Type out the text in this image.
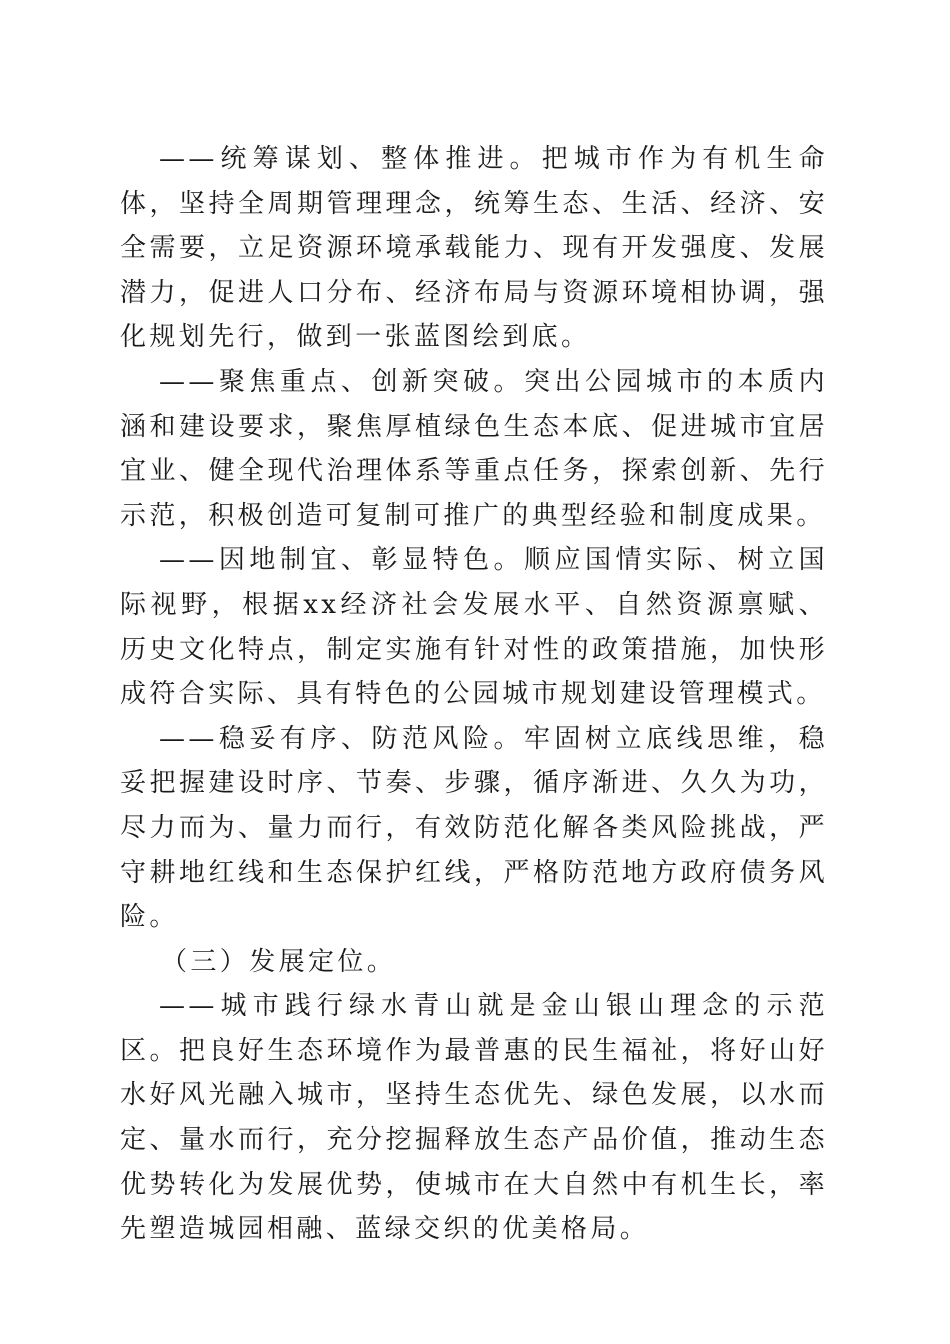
——统筹谋划、整体推进。把城市作为有机生命体，坚持全周期管理理念，统筹生态、生活、经济、安全需要，立足资源环境承载能力、现有开发强度、发展潜力，促进人口分布、经济布局与资源环境相协调，强化规划先行，做到一张蓝图绘到底。

——聚焦重点、创新突破。突出公园城市的本质内涵和建设要求，聚焦厚植绿色生态本底、促进城市宜居宜业、健全现代治理体系等重点任务，探索创新、先行示范，积极创造可复制可推广的典型经验和制度成果。

——因地制宜、彰显特色。顺应国情实际、树立国际视野，根据xx经济社会发展水平、自然资源禀赋、历史文化特点，制定实施有针对性的政策措施，加快形成符合实际、具有特色的公园城市规划建设管理模式。

——稳妥有序、防范风险。牢固树立底线思维，稳妥把握建设时序、节奏、步骤，循序渐进、久久为功，尽力而为、量力而行，有效防范化解各类风险挑战，严守耕地红线和生态保护红线，严格防范地方政府债务风险。

（三）发展定位。

——城市践行绿水青山就是金山银山理念的示范区。把良好生态环境作为最普惠的民生福祉，将好山好水好风光融入城市，坚持生态优先、绿色发展，以水而定、量水而行，充分挖掘释放生态产品价值，推动生态优势转化为发展优势，使城市在大自然中有机生长，率先塑造城园相融、蓝绿交织的优美格局。
